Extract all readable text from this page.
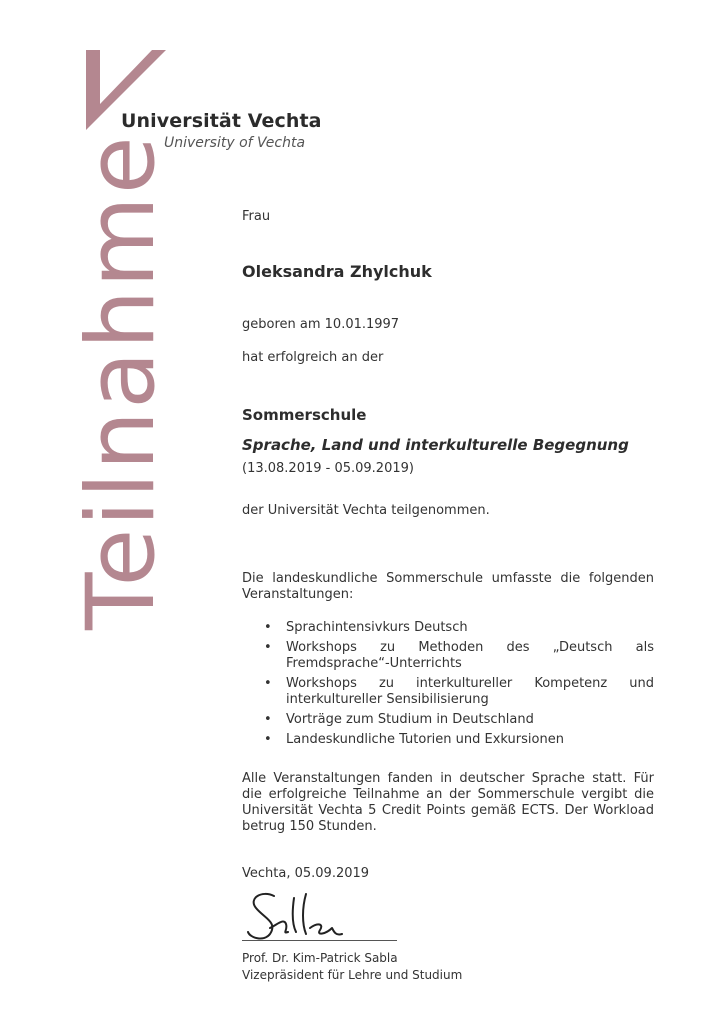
Universität Vechta
University of Vechta
Teilnahme	Frau
Oleksandra Zhylchuk
geboren am 10.01.1997
hat erfolgreich an der
Sommerschule
Sprache, Land und interkulturelle Begegnung
(13.08.2019 - 05.09.2019)
der Universität Vechta teilgenommen.
Die landeskundliche Sommerschule umfasste die folgenden Veranstaltungen:
• Sprachintensivkurs Deutsch
• Workshops zu Methoden des „Deutsch als Fremdsprache“-Unterrichts
• Workshops zu interkultureller Kompetenz und interkultureller Sensibilisierung
• Vorträge zum Studium in Deutschland
• Landeskundliche Tutorien und Exkursionen
Alle Veranstaltungen fanden in deutscher Sprache statt. Für die erfolgreiche Teilnahme an der Sommerschule vergibt die Universität Vechta 5 Credit Points gemäß ECTS. Der Workload betrug 150 Stunden.
Vechta, 05.09.2019
Prof. Dr. Kim-Patrick Sabla
Vizepräsident für Lehre und Studium
